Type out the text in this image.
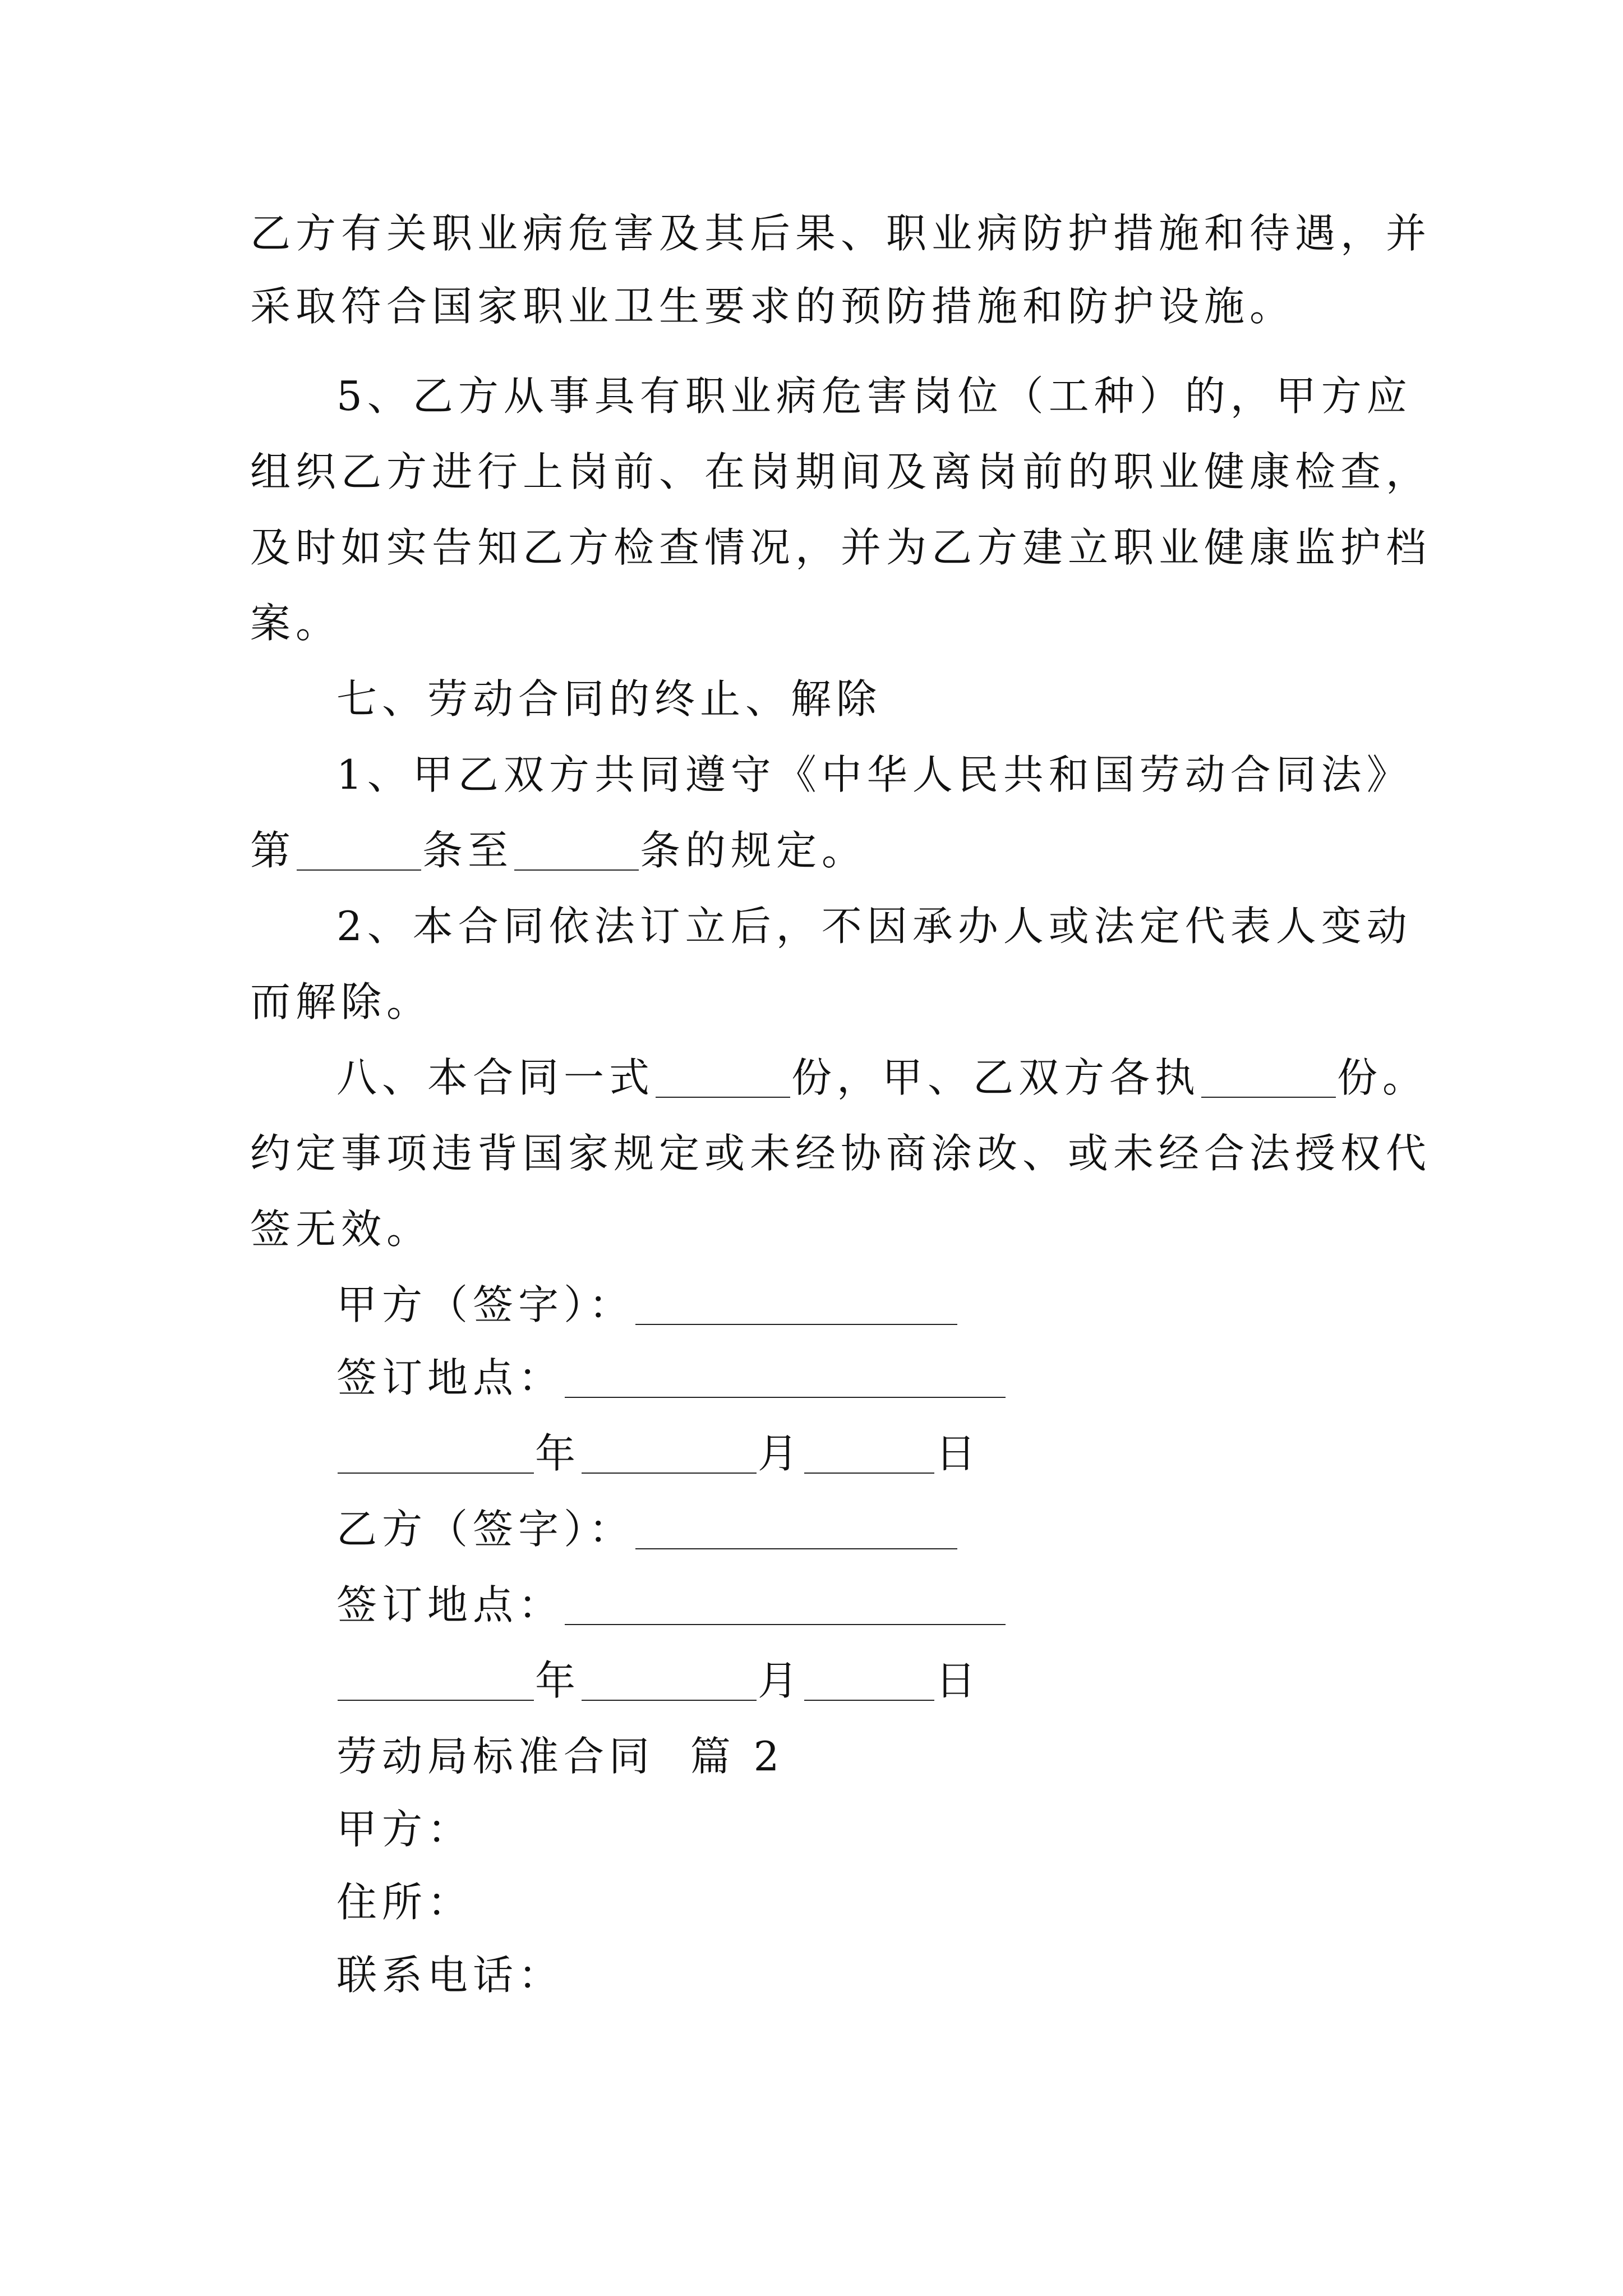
乙方有关职业病危害及其后果、职业病防护措施和待遇，并
采取符合国家职业卫生要求的预防措施和防护设施。
5、乙方从事具有职业病危害岗位（工种）的，甲方应
组织乙方进行上岗前、在岗期间及离岗前的职业健康检查，
及时如实告知乙方检查情况，并为乙方建立职业健康监护档
案。
七、劳动合同的终止、解除
1、甲乙双方共同遵守《中华人民共和国劳动合同法》
第	条至	条的规定。
2、本合同依法订立后，不因承办人或法定代表人变动
而解除。
八、本合同一式	份，甲、乙双方各执	份。
约定事项违背国家规定或未经协商涂改、或未经合法授权代
签无效。
甲方（签字）：
签订地点：
年	月	日
乙方（签字）：
签订地点：
年	月	日
劳动局标准合同  篇 2
甲方：
住所：
联系电话：
